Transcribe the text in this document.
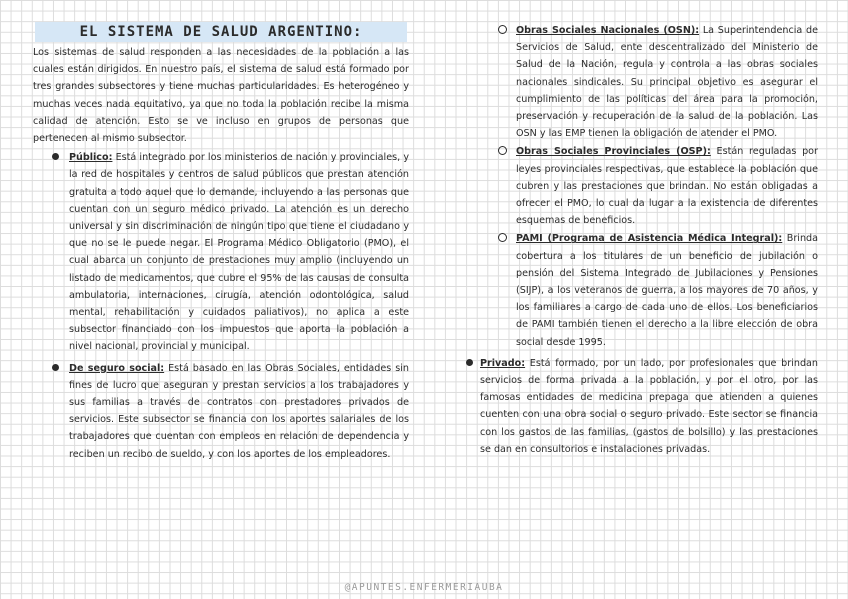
EL SISTEMA DE SALUD ARGENTINO:

Los sistemas de salud responden a las necesidades de la población a las cuales están dirigidos. En nuestro país, el sistema de salud está formado por tres grandes subsectores y tiene muchas particularidades. Es heterogéneo y muchas veces nada equitativo, ya que no toda la población recibe la misma calidad de atención. Esto se ve incluso en grupos de personas que pertenecen al mismo subsector.

Público: Está integrado por los ministerios de nación y provinciales, y la red de hospitales y centros de salud públicos que prestan atención gratuita a todo aquel que lo demande, incluyendo a las personas que cuentan con un seguro médico privado. La atención es un derecho universal y sin discriminación de ningún tipo que tiene el ciudadano y que no se le puede negar. El Programa Médico Obligatorio (PMO), el cual abarca un conjunto de prestaciones muy amplio (incluyendo un listado de medicamentos, que cubre el 95% de las causas de consulta ambulatoria, internaciones, cirugía, atención odontológica, salud mental, rehabilitación y cuidados paliativos), no aplica a este subsector financiado con los impuestos que aporta la población a nivel nacional, provincial y municipal.

De seguro social: Está basado en las Obras Sociales, entidades sin fines de lucro que aseguran y prestan servicios a los trabajadores y sus familias a través de contratos con prestadores privados de servicios. Este subsector se financia con los aportes salariales de los trabajadores que cuentan con empleos en relación de dependencia y reciben un recibo de sueldo, y con los aportes de los empleadores.

Obras Sociales Nacionales (OSN): La Superintendencia de Servicios de Salud, ente descentralizado del Ministerio de Salud de la Nación, regula y controla a las obras sociales nacionales sindicales. Su principal objetivo es asegurar el cumplimiento de las políticas del área para la promoción, preservación y recuperación de la salud de la población. Las OSN y las EMP tienen la obligación de atender el PMO.

Obras Sociales Provinciales (OSP): Están reguladas por leyes provinciales respectivas, que establece la población que cubren y las prestaciones que brindan. No están obligadas a ofrecer el PMO, lo cual da lugar a la existencia de diferentes esquemas de beneficios.

PAMI (Programa de Asistencia Médica Integral): Brinda cobertura a los titulares de un beneficio de jubilación o pensión del Sistema Integrado de Jubilaciones y Pensiones (SIJP), a los veteranos de guerra, a los mayores de 70 años, y los familiares a cargo de cada uno de ellos. Los beneficiarios de PAMI también tienen el derecho a la libre elección de obra social desde 1995.

Privado: Está formado, por un lado, por profesionales que brindan servicios de forma privada a la población, y por el otro, por las famosas entidades de medicina prepaga que atienden a quienes cuenten con una obra social o seguro privado. Este sector se financia con los gastos de las familias, (gastos de bolsillo) y las prestaciones se dan en consultorios e instalaciones privadas.

@APUNTES.ENFERMERIAUBA
